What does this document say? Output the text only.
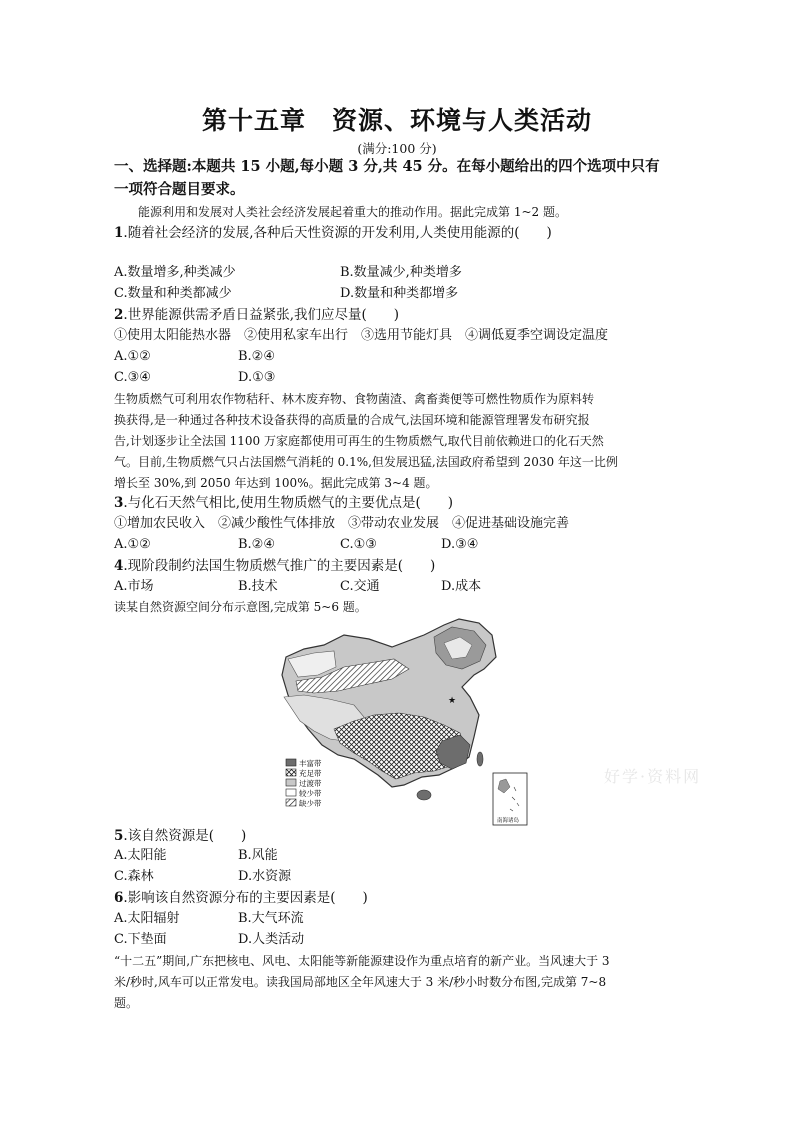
第十五章　资源、环境与人类活动
(满分:100 分)

一、选择题:本题共 15 小题,每小题 3 分,共 45 分。在每小题给出的四个选项中只有

一项符合题目要求。

能源利用和发展对人类社会经济发展起着重大的推动作用。据此完成第 1~2 题。
1.随着社会经济的发展,各种后天性资源的开发利用,人类使用能源的(　　)
A.数量增多,种类减少	B.数量减少,种类增多
C.数量和种类都减少	D.数量和种类都增多
2.世界能源供需矛盾日益紧张,我们应尽量(　　)
①使用太阳能热水器　②使用私家车出行　③选用节能灯具　④调低夏季空调设定温度
A.①②	B.②④
C.③④	D.①③
生物质燃气可利用农作物秸秆、林木废弃物、食物菌渣、禽畜粪便等可燃性物质作为原料转
换获得,是一种通过各种技术设备获得的高质量的合成气,法国环境和能源管理署发布研究报
告,计划逐步让全法国 1100 万家庭都使用可再生的生物质燃气,取代目前依赖进口的化石天然
气。目前,生物质燃气只占法国燃气消耗的 0.1%,但发展迅猛,法国政府希望到 2030 年这一比例
增长至 30%,到 2050 年达到 100%。据此完成第 3~4 题。
3.与化石天然气相比,使用生物质燃气的主要优点是(　　)
①增加农民收入　②减少酸性气体排放　③带动农业发展　④促进基础设施完善
A.①②	B.②④	C.①③	D.③④
4.现阶段制约法国生物质燃气推广的主要因素是(　　)
A.市场	B.技术	C.交通	D.成本
读某自然资源空间分布示意图,完成第 5~6 题。
★
丰富带
充足带
过渡带
较少带
缺少带
南海诸岛
好学·资料网
5.该自然资源是(　　)
A.太阳能	B.风能
C.森林	D.水资源
6.影响该自然资源分布的主要因素是(　　)
A.太阳辐射	B.大气环流
C.下垫面	D.人类活动
“十二五”期间,广东把核电、风电、太阳能等新能源建设作为重点培育的新产业。当风速大于 3
米/秒时,风车可以正常发电。读我国局部地区全年风速大于 3 米/秒小时数分布图,完成第 7~8
题。
